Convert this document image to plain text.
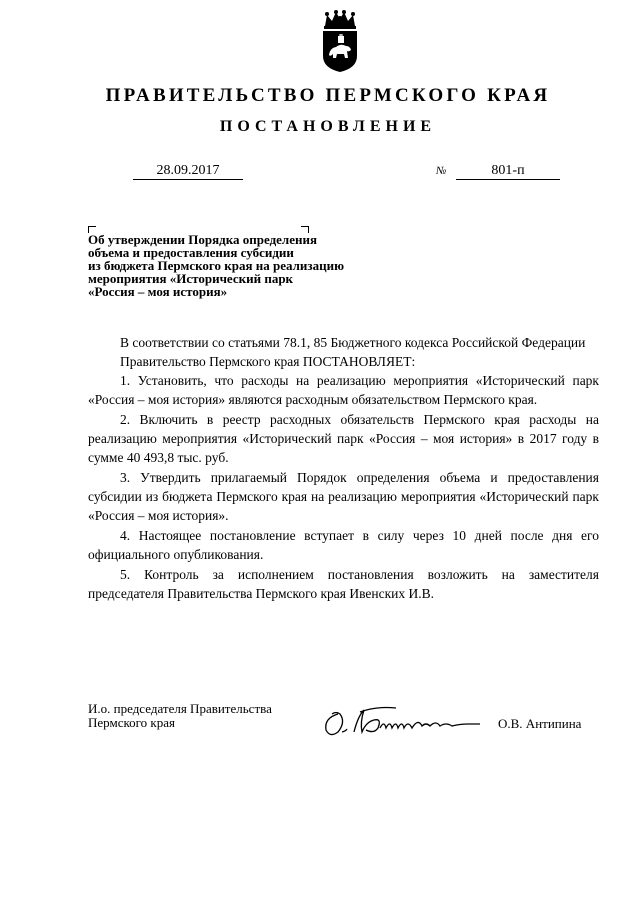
ПРАВИТЕЛЬСТВО ПЕРМСКОГО КРАЯ
ПОСТАНОВЛЕНИЕ
28.09.2017	№	801-п
Об утверждении Порядка определения
объема и предоставления субсидии
из бюджета Пермского края на реализацию
мероприятия «Исторический парк
«Россия – моя история»

В соответствии со статьями 78.1, 85 Бюджетного кодекса Российской Федерации

Правительство Пермского края ПОСТАНОВЛЯЕТ:

1. Установить, что расходы на реализацию мероприятия «Исторический парк «Россия – моя история» являются расходным обязательством Пермского края.

2. Включить в реестр расходных обязательств Пермского края расходы на реализацию мероприятия «Исторический парк «Россия – моя история» в 2017 году в сумме 40 493,8 тыс. руб.

3. Утвердить прилагаемый Порядок определения объема и предоставления субсидии из бюджета Пермского края на реализацию мероприятия «Исторический парк «Россия – моя история».

4. Настоящее постановление вступает в силу через 10 дней после дня его официального опубликования.

5. Контроль за исполнением постановления возложить на заместителя председателя Правительства Пермского края Ивенских И.В.

И.о. председателя Правительства
Пермского края	О.В. Антипина
